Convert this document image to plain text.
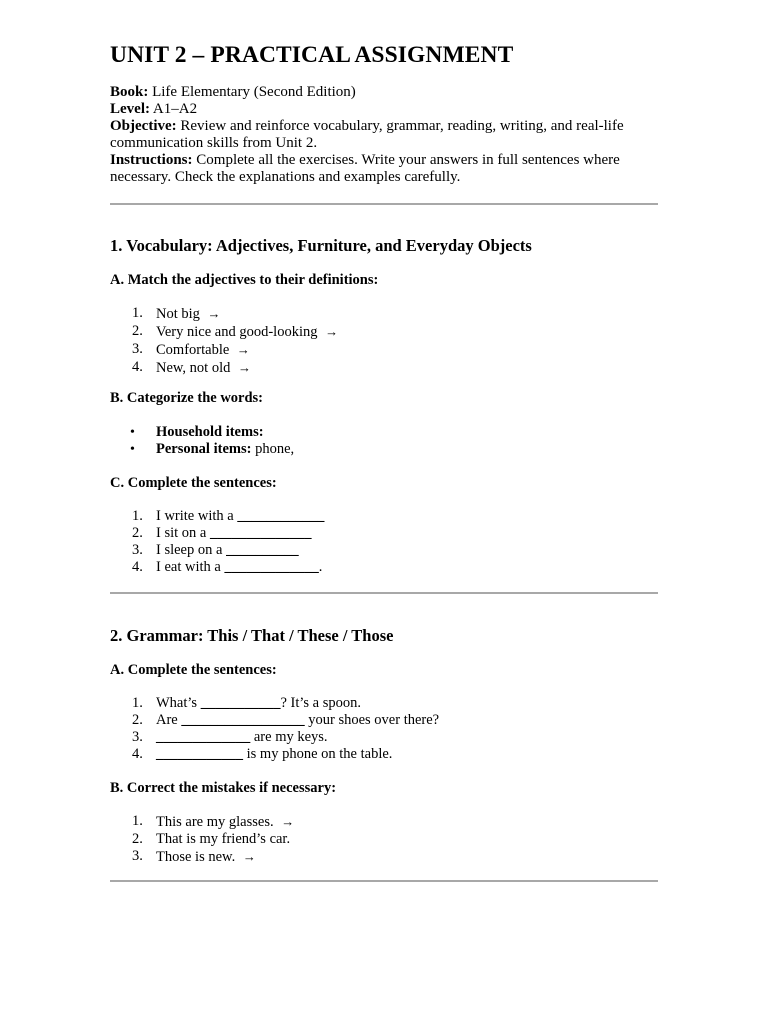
UNIT 2 – PRACTICAL ASSIGNMENT

Book: Life Elementary (Second Edition)

Level: A1–A2

Objective: Review and reinforce vocabulary, grammar, reading, writing, and real-life communication skills from Unit 2.

Instructions: Complete all the exercises. Write your answers in full sentences where necessary. Check the explanations and examples carefully.

1. Vocabulary: Adjectives, Furniture, and Everyday Objects
A. Match the adjectives to their definitions:
1. Not big →
2. Very nice and good-looking →
3. Comfortable →
4. New, not old →
B. Categorize the words:
• Household items:
• Personal items: phone,
C. Complete the sentences:
1. I write with a ____________
2. I sit on a ______________
3. I sleep on a __________
4. I eat with a _____________.
2. Grammar: This / That / These / Those
A. Complete the sentences:
1. What’s ___________? It’s a spoon.
2. Are _________________ your shoes over there?
3. _____________ are my keys.
4. ____________ is my phone on the table.
B. Correct the mistakes if necessary:
1. This are my glasses. →
2. That is my friend’s car.
3. Those is new. →
